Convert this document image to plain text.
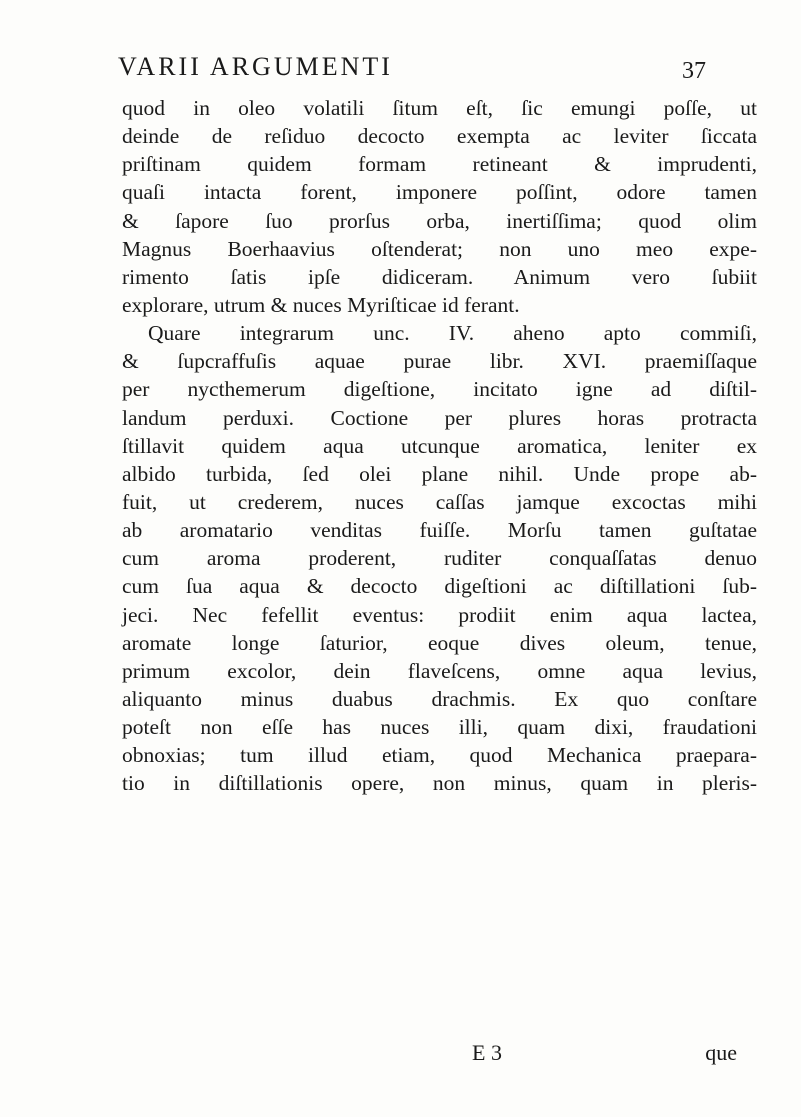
VARII ARGUMENTI	37
quod in oleo volatili ſitum eſt, ſic emungi poſſe, ut
deinde de reſiduo decocto exempta ac leviter ſiccata
priſtinam quidem formam retineant & imprudenti,
quaſi intacta forent, imponere poſſint, odore tamen
& ſapore ſuo prorſus orba, inertiſſima; quod olim
Magnus Boerhaavius oſtenderat; non uno meo expe-
rimento ſatis ipſe didiceram. Animum vero ſubiit
explorare, utrum & nuces Myriſticae id ferant.
Quare integrarum unc. IV. aheno apto commiſi,
& ſupcraffuſis aquae purae libr. XVI. praemiſſaque
per nycthemerum digeſtione, incitato igne ad diſtil-
landum perduxi. Coctione per plures horas protracta
ſtillavit quidem aqua utcunque aromatica, leniter ex
albido turbida, ſed olei plane nihil. Unde prope ab-
fuit, ut crederem, nuces caſſas jamque excoctas mihi
ab aromatario venditas fuiſſe. Morſu tamen guſtatae
cum aroma proderent, ruditer conquaſſatas denuo
cum ſua aqua & decocto digeſtioni ac diſtillationi ſub-
jeci. Nec fefellit eventus: prodiit enim aqua lactea,
aromate longe ſaturior, eoque dives oleum, tenue,
primum excolor, dein flaveſcens, omne aqua levius,
aliquanto minus duabus drachmis. Ex quo conſtare
poteſt non eſſe has nuces illi, quam dixi, fraudationi
obnoxias; tum illud etiam, quod Mechanica praepara-
tio in diſtillationis opere, non minus, quam in pleris-
E 3	que
